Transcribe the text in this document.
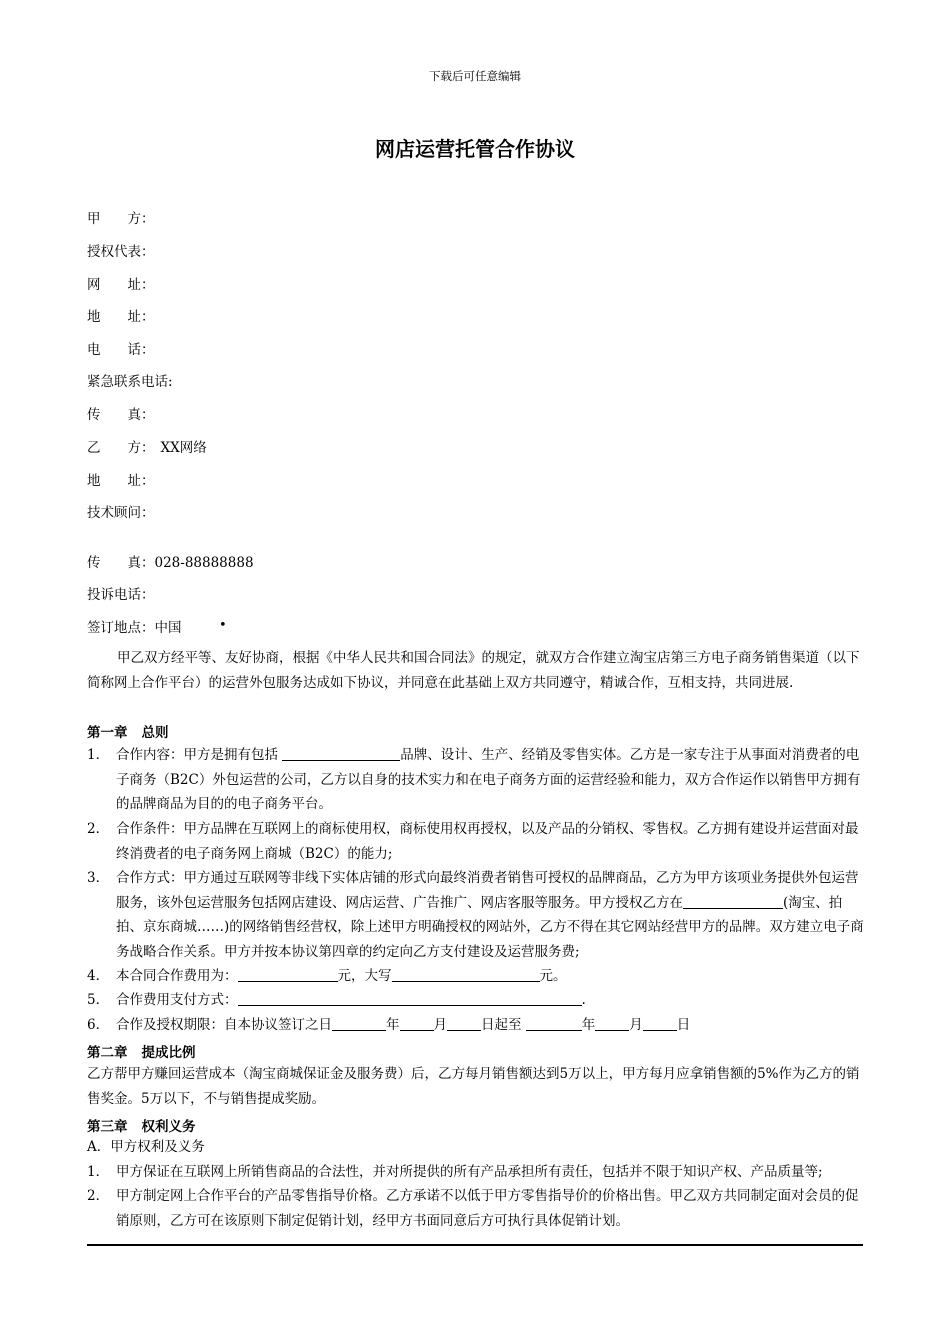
下载后可任意编辑
网店运营托管合作协议
甲　　方：
授权代表：
网　　址：
地　　址：
电　　话：
紧急联系电话:
传　　真：
乙　　方： XX网络
地　　址：
技术顾问：
传　　真：028-88888888
投诉电话：
签订地点：中国	•
甲乙双方经平等、友好协商，根据《中华人民共和国合同法》的规定，就双方合作建立淘宝店第三方电子商务销售渠道（以下简称网上合作平台）的运营外包服务达成如下协议，并同意在此基础上双方共同遵守，精诚合作，互相支持，共同进展.
第一章 总则
1． 合作内容：甲方是拥有包括	品牌、设计、生产、经销及零售实体。乙方是一家专注于从事面对消费者的电子商务（B2C）外包运营的公司，乙方以自身的技术实力和在电子商务方面的运营经验和能力，双方合作运作以销售甲方拥有的品牌商品为目的的电子商务平台。
2． 合作条件：甲方品牌在互联网上的商标使用权，商标使用权再授权，以及产品的分销权、零售权。乙方拥有建设并运营面对最终消费者的电子商务网上商城（B2C）的能力;
3． 合作方式：甲方通过互联网等非线下实体店铺的形式向最终消费者销售可授权的品牌商品，乙方为甲方该项业务提供外包运营服务，该外包运营服务包括网店建设、网店运营、广告推广、网店客服等服务。甲方授权乙方在	(淘宝、拍拍、京东商城……)的网络销售经营权，除上述甲方明确授权的网站外，乙方不得在其它网站经营甲方的品牌。双方建立电子商务战略合作关系。甲方并按本协议第四章的约定向乙方支付建设及运营服务费;
4． 本合同合作费用为：	元，大写	元。
5． 合作费用支付方式：	.
6． 合作及授权期限：自本协议签订之日	年	月	日起至	年	月	日
第二章 提成比例
乙方帮甲方赚回运营成本（淘宝商城保证金及服务费）后，乙方每月销售额达到5万以上，甲方每月应拿销售额的5%作为乙方的销售奖金。5万以下，不与销售提成奖励。
第三章 权利义务
A．甲方权利及义务
1． 甲方保证在互联网上所销售商品的合法性，并对所提供的所有产品承担所有责任，包括并不限于知识产权、产品质量等;
2． 甲方制定网上合作平台的产品零售指导价格。乙方承诺不以低于甲方零售指导价的价格出售。甲乙双方共同制定面对会员的促销原则，乙方可在该原则下制定促销计划，经甲方书面同意后方可执行具体促销计划。
